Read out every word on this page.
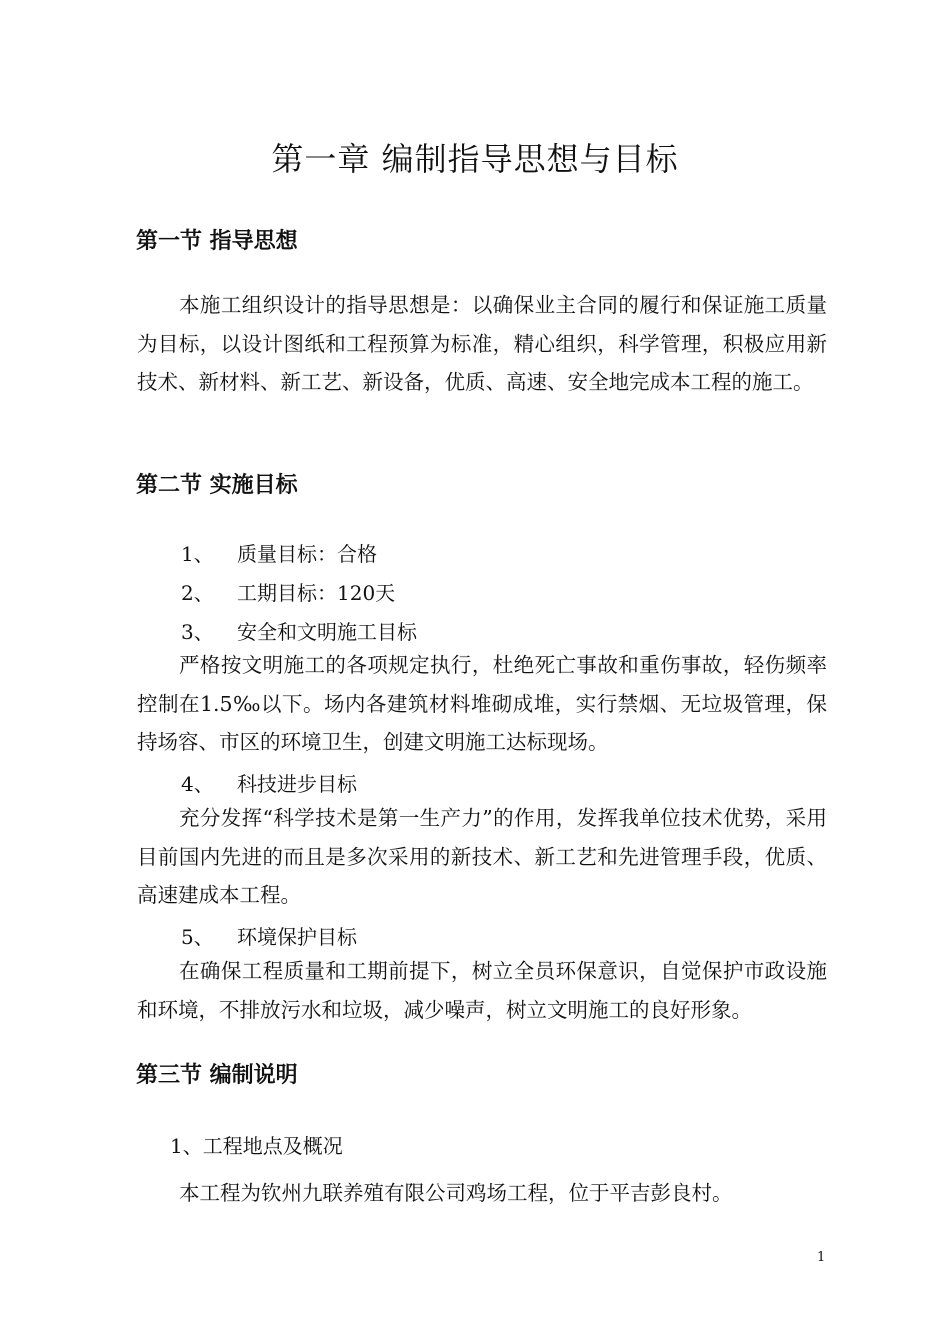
第一章 编制指导思想与目标
第一节 指导思想
本施工组织设计的指导思想是：以确保业主合同的履行和保证施工质量为目标，以设计图纸和工程预算为标准，精心组织，科学管理，积极应用新技术、新材料、新工艺、新设备，优质、高速、安全地完成本工程的施工。
第二节 实施目标
1、 质量目标：合格
2、 工期目标：120天
3、 安全和文明施工目标
严格按文明施工的各项规定执行，杜绝死亡事故和重伤事故，轻伤频率控制在1.5‰以下。场内各建筑材料堆砌成堆，实行禁烟、无垃圾管理，保持场容、市区的环境卫生，创建文明施工达标现场。
4、 科技进步目标
充分发挥“科学技术是第一生产力”的作用，发挥我单位技术优势，采用目前国内先进的而且是多次采用的新技术、新工艺和先进管理手段，优质、高速建成本工程。
5、 环境保护目标
在确保工程质量和工期前提下，树立全员环保意识，自觉保护市政设施和环境，不排放污水和垃圾，减少噪声，树立文明施工的良好形象。
第三节 编制说明
1、工程地点及概况
本工程为钦州九联养殖有限公司鸡场工程，位于平吉彭良村。
1
